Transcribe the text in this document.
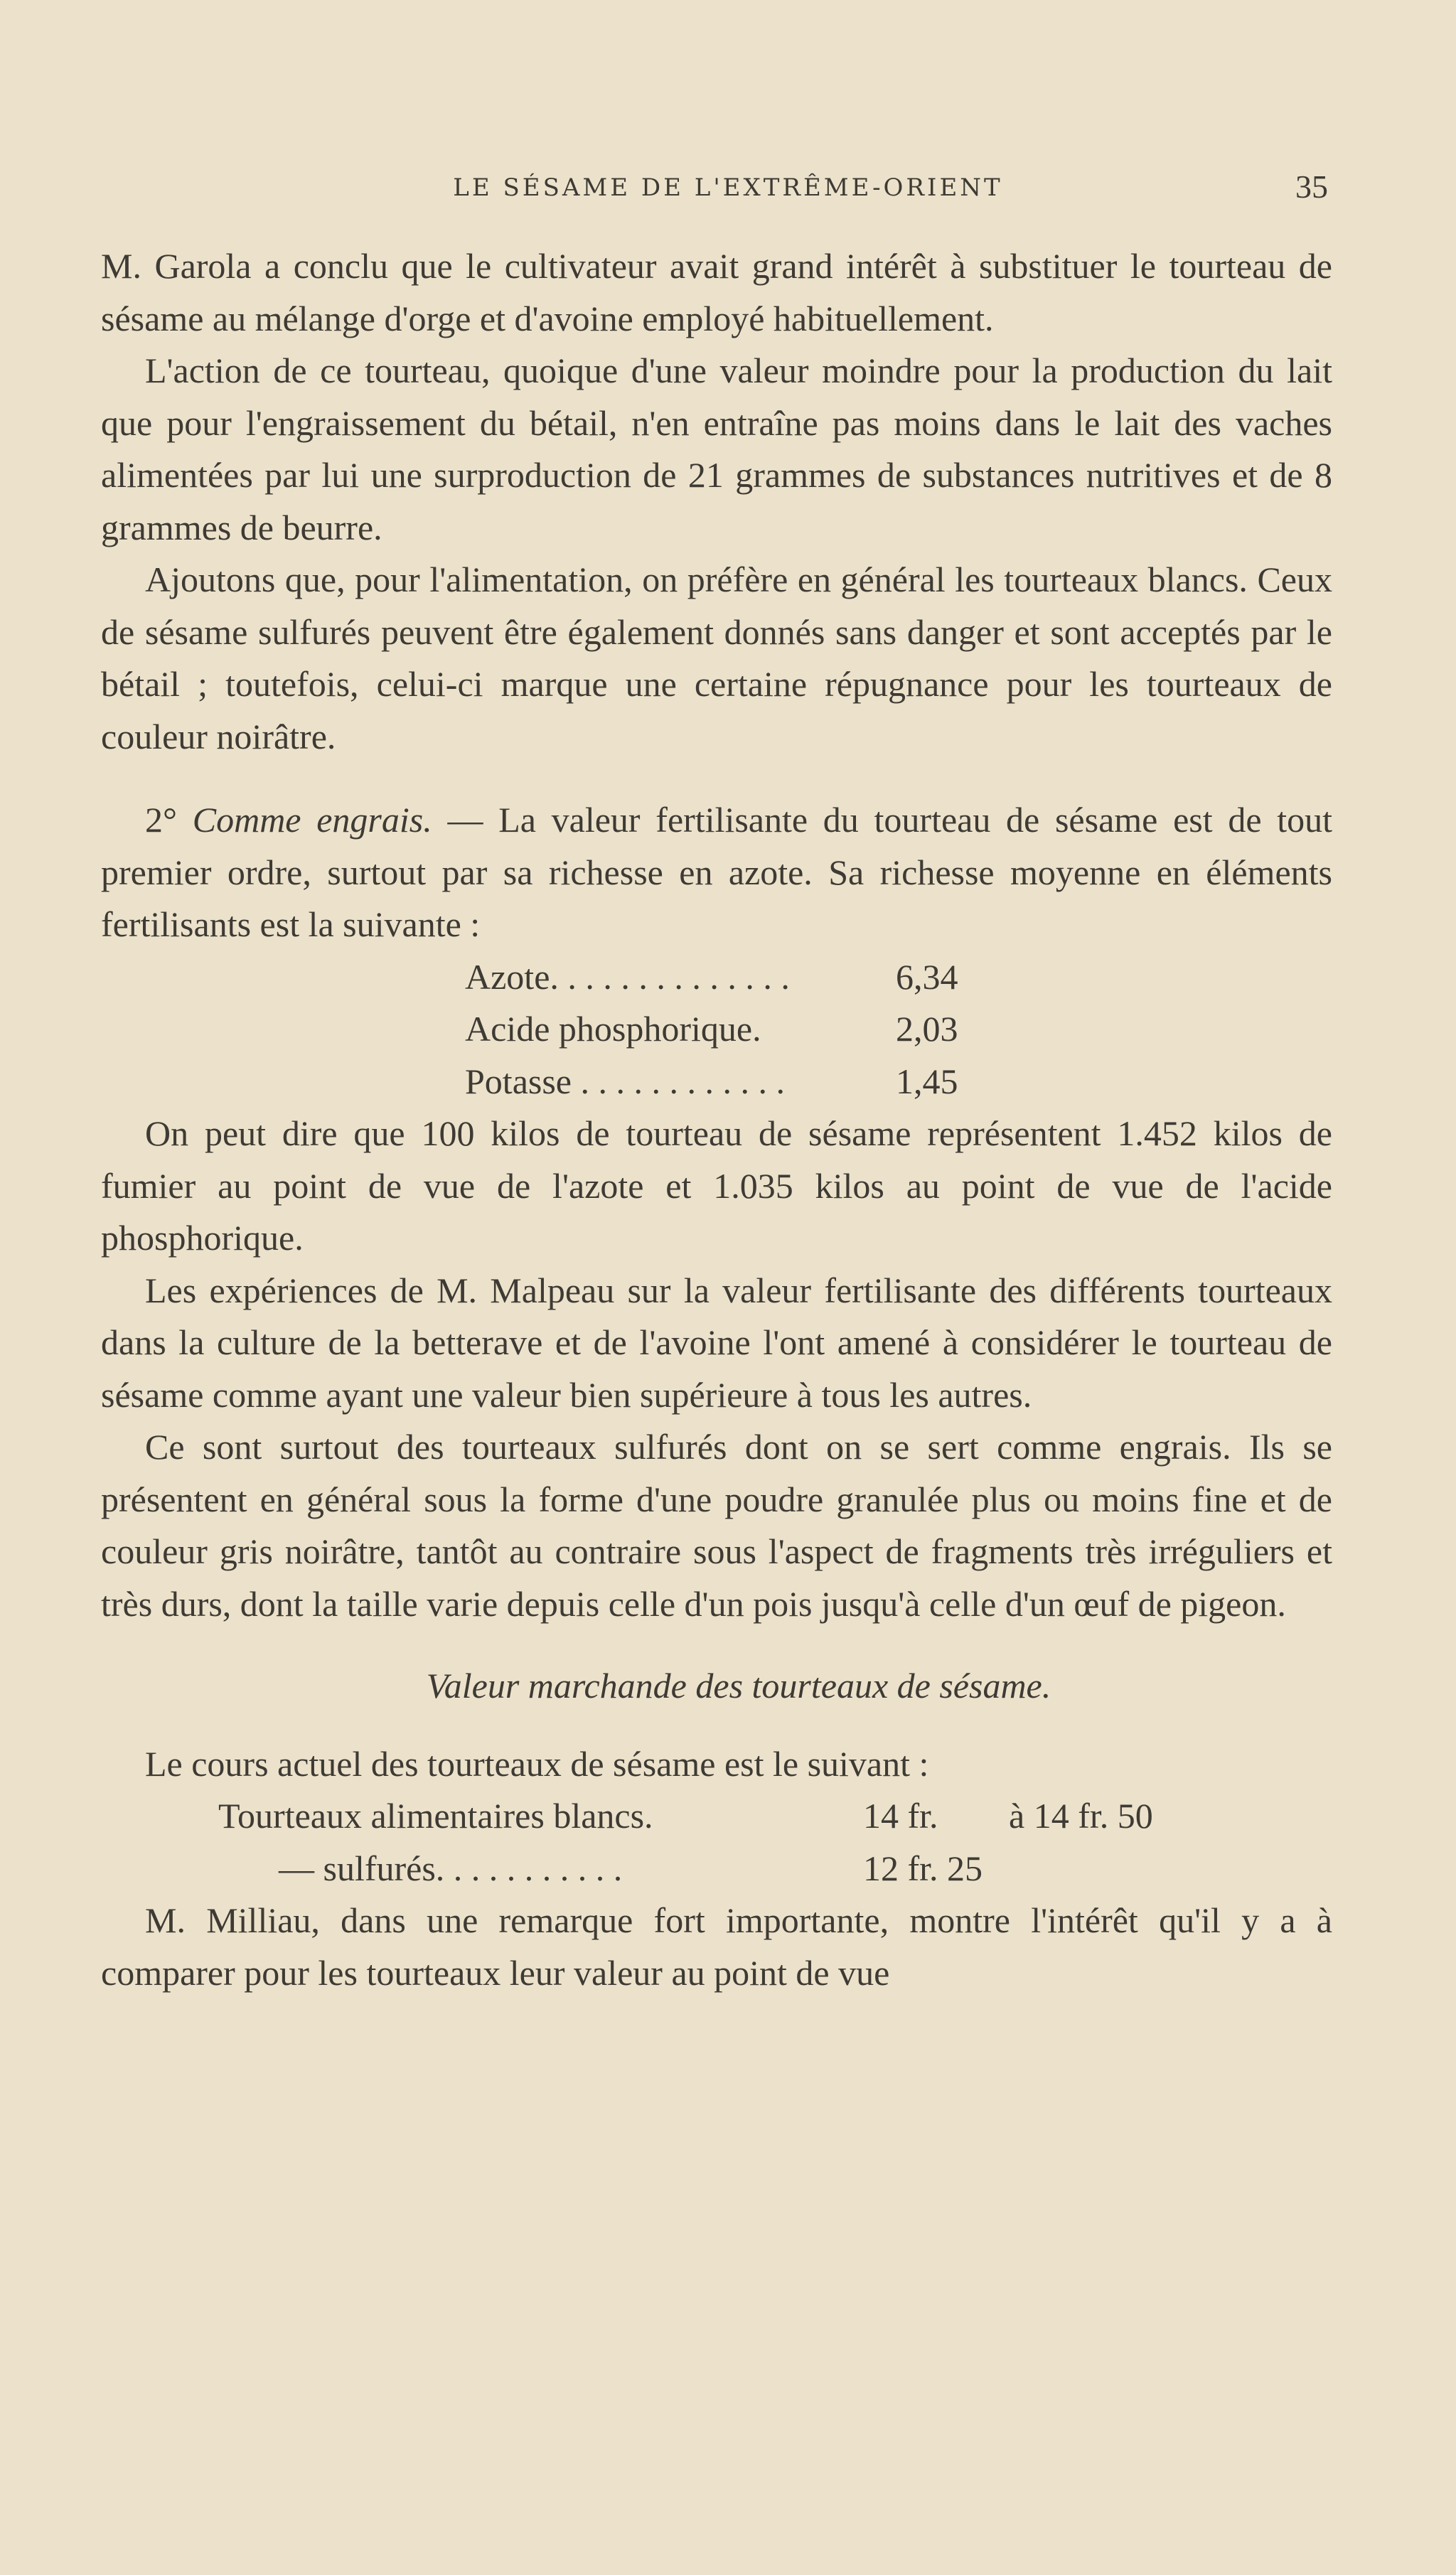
LE SÉSAME DE L'EXTRÊME-ORIENT	35

M. Garola a conclu que le cultivateur avait grand intérêt à substituer le tourteau de sésame au mélange d'orge et d'avoine employé habituellement.

L'action de ce tourteau, quoique d'une valeur moindre pour la production du lait que pour l'engraissement du bétail, n'en entraîne pas moins dans le lait des vaches alimentées par lui une surproduction de 21 grammes de substances nutritives et de 8 grammes de beurre.

Ajoutons que, pour l'alimentation, on préfère en général les tourteaux blancs. Ceux de sésame sulfurés peuvent être également donnés sans danger et sont acceptés par le bétail ; toutefois, celui-ci marque une certaine répugnance pour les tourteaux de couleur noirâtre.

2° Comme engrais. — La valeur fertilisante du tourteau de sésame est de tout premier ordre, surtout par sa richesse en azote. Sa richesse moyenne en éléments fertilisants est la suivante :

Azote. . . . . . . . . . . . . .	6,34
Acide phosphorique.	2,03
Potasse . . . . . . . . . . . .	1,45

On peut dire que 100 kilos de tourteau de sésame représentent 1.452 kilos de fumier au point de vue de l'azote et 1.035 kilos au point de vue de l'acide phosphorique.

Les expériences de M. Malpeau sur la valeur fertilisante des différents tourteaux dans la culture de la betterave et de l'avoine l'ont amené à considérer le tourteau de sésame comme ayant une valeur bien supérieure à tous les autres.

Ce sont surtout des tourteaux sulfurés dont on se sert comme engrais. Ils se présentent en général sous la forme d'une poudre granulée plus ou moins fine et de couleur gris noirâtre, tantôt au contraire sous l'aspect de fragments très irréguliers et très durs, dont la taille varie depuis celle d'un pois jusqu'à celle d'un œuf de pigeon.

Valeur marchande des tourteaux de sésame.

Le cours actuel des tourteaux de sésame est le suivant :

Tourteaux alimentaires blancs.	14 fr.	à 14 fr. 50
— sulfurés. . . . . . . . . . .	12 fr. 25	

M. Milliau, dans une remarque fort importante, montre l'intérêt qu'il y a à comparer pour les tourteaux leur valeur au point de vue
